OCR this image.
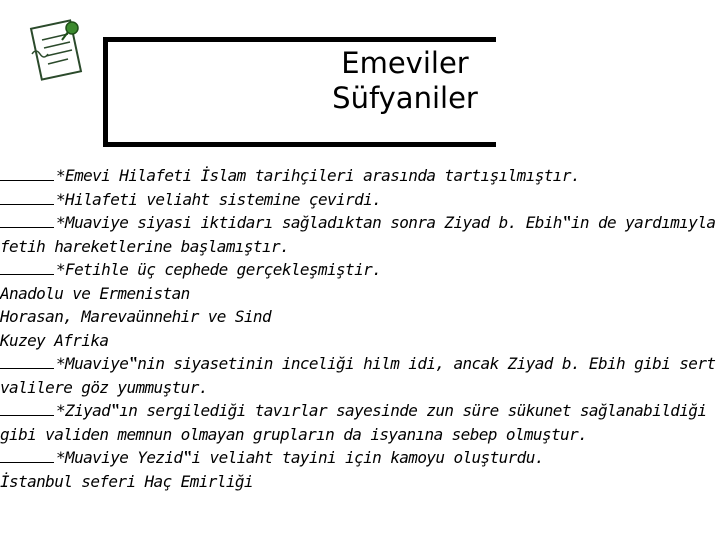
Emeviler
Süfyaniler
*Emevi Hilafeti İslam tarihçileri arasında tartışılmıştır.
*Hilafeti veliaht sistemine çevirdi.
*Muaviye siyasi iktidarı sağladıktan sonra Ziyad b. Ebih‟in de yardımıyla fetih hareketlerine başlamıştır.
*Fetihle üç cephede gerçekleşmiştir.
Anadolu ve Ermenistan
Horasan, Marevaünnehir ve Sind
Kuzey Afrika
*Muaviye‟nin siyasetinin inceliği hilm idi, ancak Ziyad b. Ebih gibi sert valilere göz yummuştur.
*Ziyad‟ın sergilediği tavırlar sayesinde zun süre sükunet sağlanabildiği gibi validen memnun olmayan grupların da isyanına sebep olmuştur.
*Muaviye Yezid‟i veliaht tayini için kamoyu oluşturdu.
İstanbul seferi Haç Emirliği
